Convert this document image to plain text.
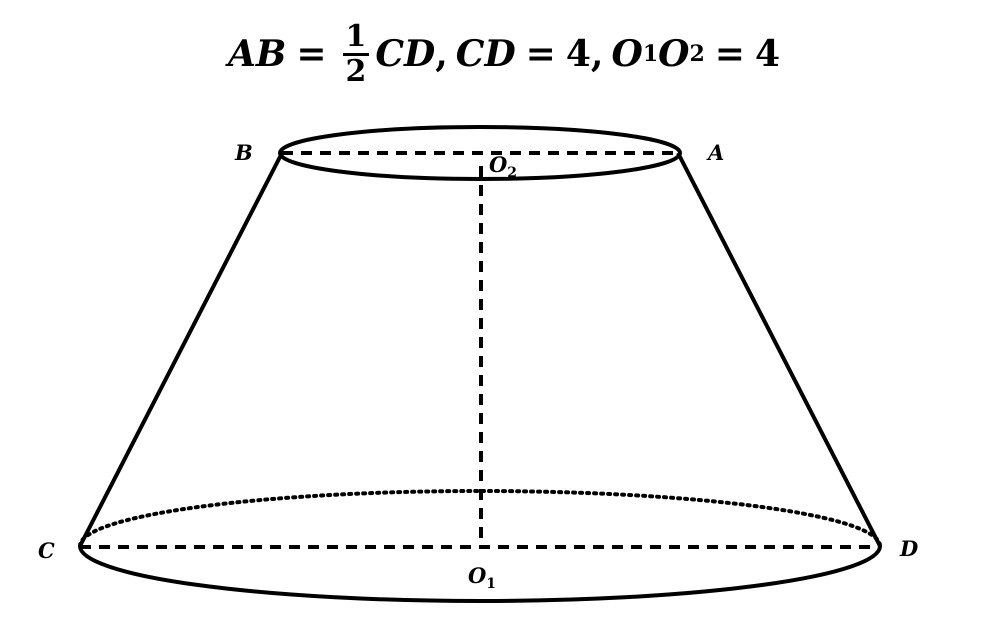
AB = $\frac{1}{2}$ CD , CD = 4 , O 1 O 2 = 4
B	A
C	D
$O_2$
$O_1$
